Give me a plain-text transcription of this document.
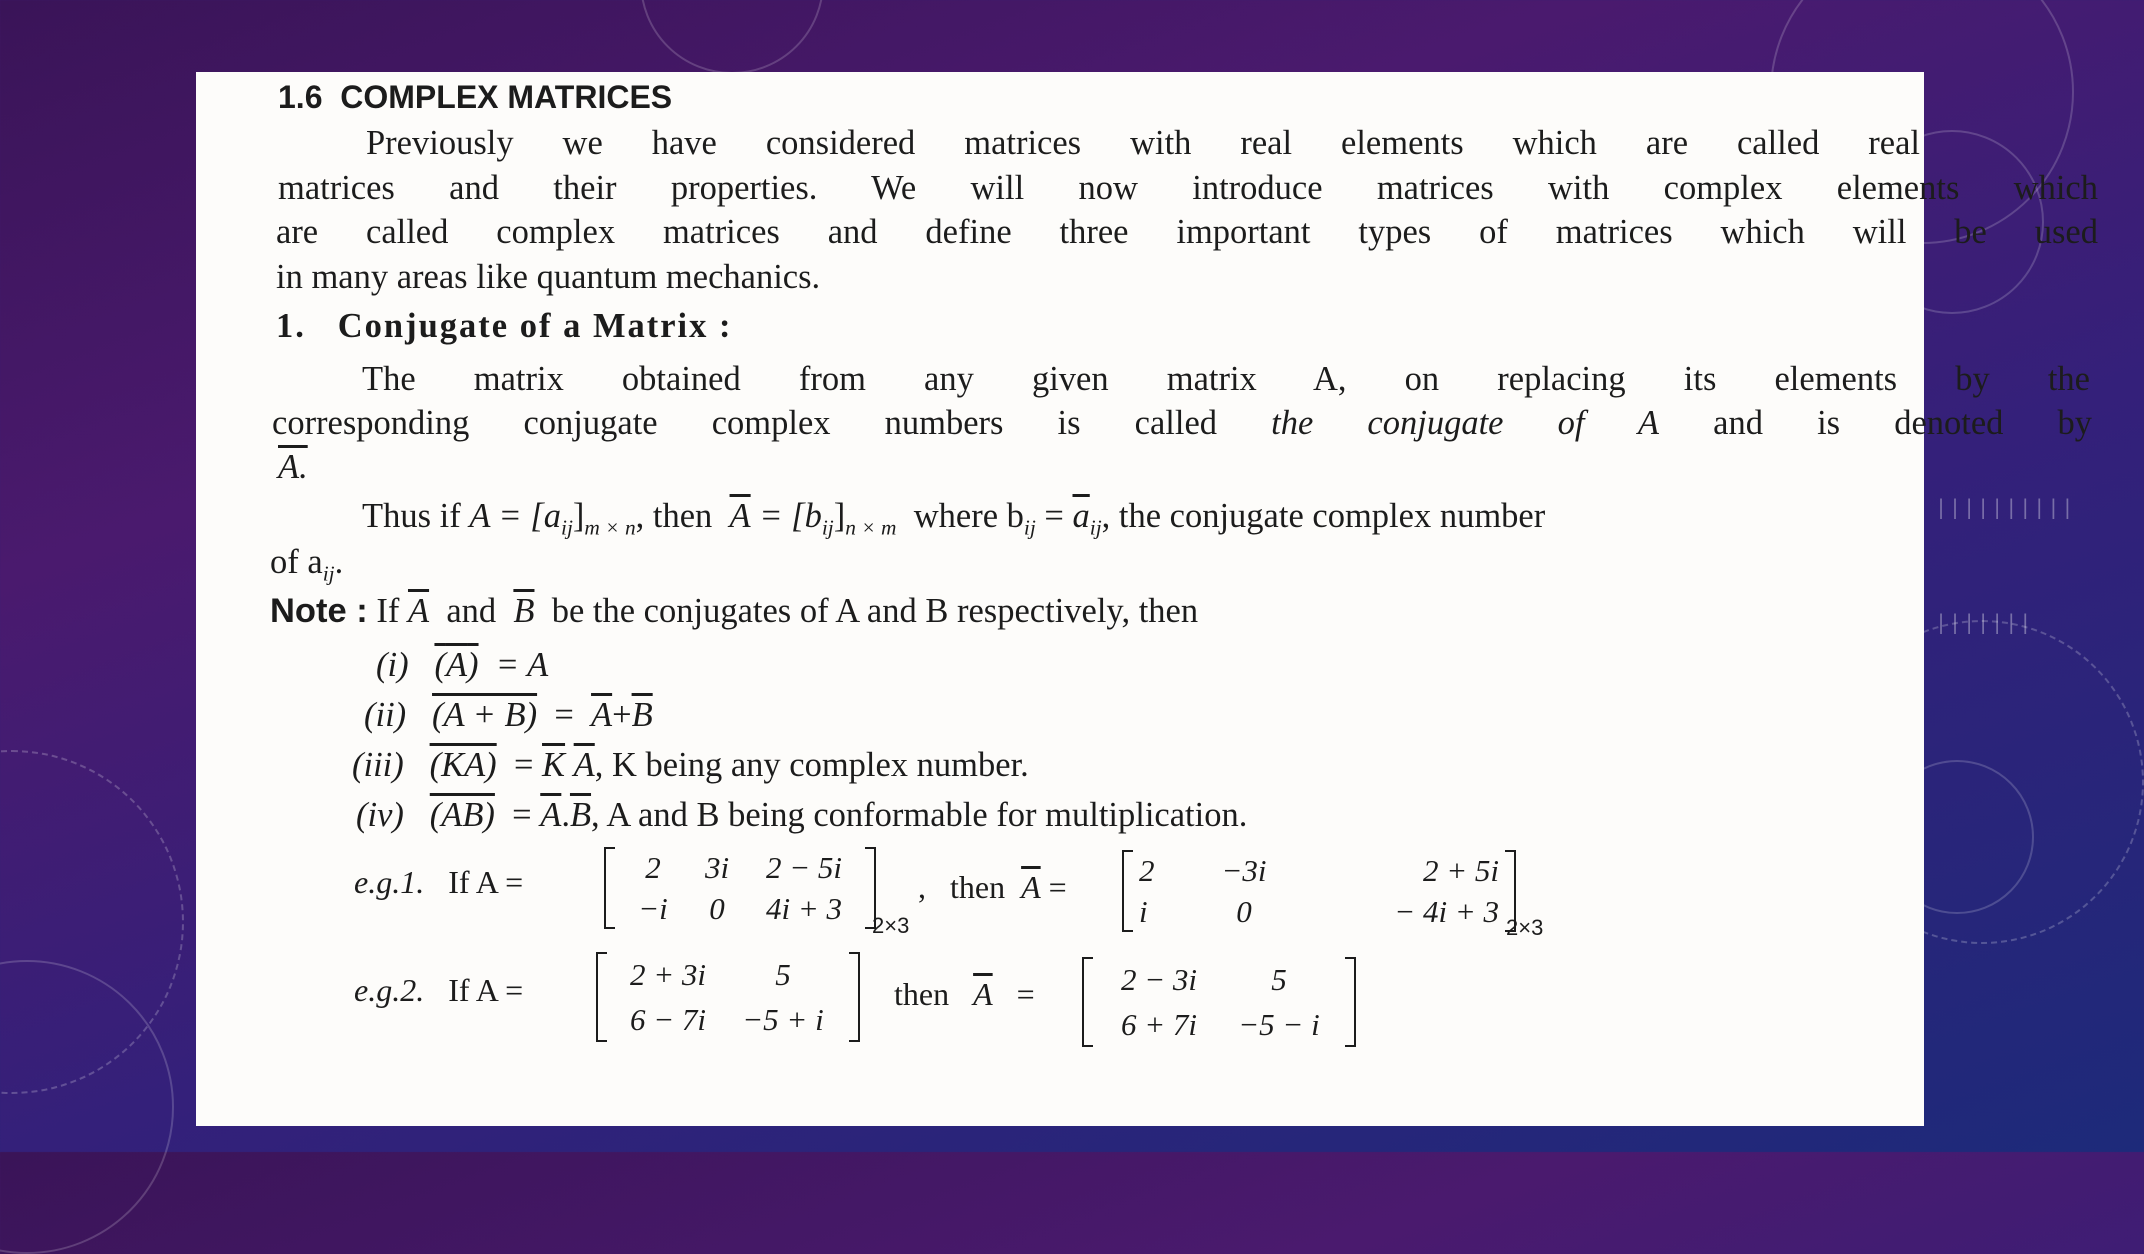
||||||||||
|||||||
1.6 COMPLEX MATRICES
Previously we have considered matrices with real elements which are called real
matrices and their properties. We will now introduce matrices with complex elements which
are called complex matrices and define three important types of matrices which will be used
in many areas like quantum mechanics.
1. Conjugate of a Matrix :
The matrix obtained from any given matrix A, on replacing its elements by the
corresponding conjugate complex numbers is called the conjugate of A and is denoted by
A.
Thus if $A = [a_{ij}]_{m \times n}$, then $\overline{A} = [b_{ij}]_{n \times m}$ where $b_{ij} = \overline{a}_{ij}$, the conjugate complex number
of $a_{ij}$.
Note : If $\overline{A}$ and $\overline{B}$ be the conjugates of A and B respectively, then
(i) (A) = A
(ii) $(A + B) = \overline{A}+\overline{B}$
(iii) $(KA) = \overline{K}$ $\overline{A}$, K being any complex number.
(iv) $(AB) = \overline{A}.\overline{B}$, A and B being conformable for multiplication.
e.g.1. If A =	2	3i	2 − 5i
−i	0	4i + 3	2×3
, then $\overline{A} = 2$	−3i	2 + 5i
i	0	− 4i + 3 2×3
e.g.2. If A =	2 + 3i	5
6 − 7i	−5 + i
then $\overline{A}$ =	2 − 3i	5
6 + 7i	−5 − i
